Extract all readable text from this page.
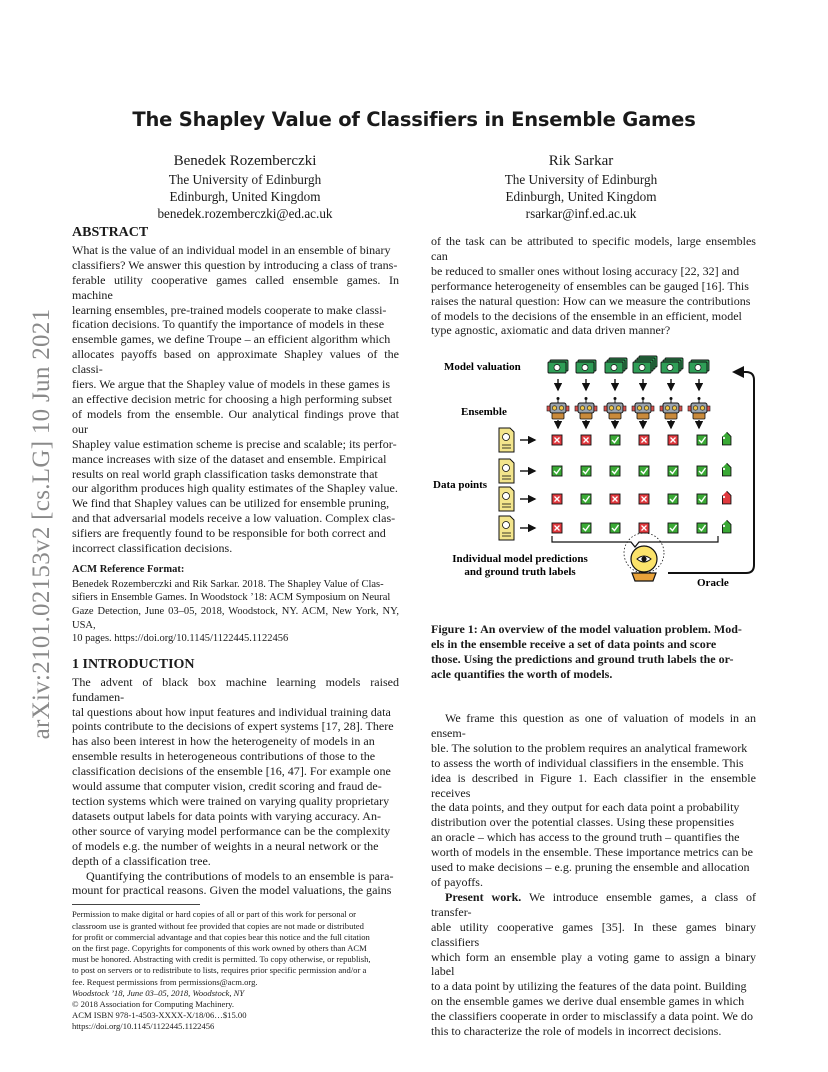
The Shapley Value of Classifiers in Ensemble Games
Benedek Rozemberczki
The University of Edinburgh
Edinburgh, United Kingdom
benedek.rozemberczki@ed.ac.uk
Rik Sarkar
The University of Edinburgh
Edinburgh, United Kingdom
rsarkar@inf.ed.ac.uk
arXiv:2101.02153v2 [cs.LG] 10 Jun 2021
ABSTRACT

What is the value of an individual model in an ensemble of binary

classifiers? We answer this question by introducing a class of trans-

ferable utility cooperative games called ensemble games. In machine

learning ensembles, pre-trained models cooperate to make classi-

fication decisions. To quantify the importance of models in these

ensemble games, we define Troupe – an efficient algorithm which

allocates payoffs based on approximate Shapley values of the classi-

fiers. We argue that the Shapley value of models in these games is

an effective decision metric for choosing a high performing subset

of models from the ensemble. Our analytical findings prove that our

Shapley value estimation scheme is precise and scalable; its perfor-

mance increases with size of the dataset and ensemble. Empirical

results on real world graph classification tasks demonstrate that

our algorithm produces high quality estimates of the Shapley value.

We find that Shapley values can be utilized for ensemble pruning,

and that adversarial models receive a low valuation. Complex clas-

sifiers are frequently found to be responsible for both correct and

incorrect classification decisions.

ACM Reference Format:
Benedek Rozemberczki and Rik Sarkar. 2018. The Shapley Value of Clas-
sifiers in Ensemble Games. In Woodstock ’18: ACM Symposium on Neural
Gaze Detection, June 03–05, 2018, Woodstock, NY. ACM, New York, NY, USA,
10 pages. https://doi.org/10.1145/1122445.1122456
1 INTRODUCTION

The advent of black box machine learning models raised fundamen-

tal questions about how input features and individual training data

points contribute to the decisions of expert systems [17, 28]. There

has also been interest in how the heterogeneity of models in an

ensemble results in heterogeneous contributions of those to the

classification decisions of the ensemble [16, 47]. For example one

would assume that computer vision, credit scoring and fraud de-

tection systems which were trained on varying quality proprietary

datasets output labels for data points with varying accuracy. An-

other source of varying model performance can be the complexity

of models e.g. the number of weights in a neural network or the

depth of a classification tree.

Quantifying the contributions of models to an ensemble is para-

mount for practical reasons. Given the model valuations, the gains

Permission to make digital or hard copies of all or part of this work for personal or
classroom use is granted without fee provided that copies are not made or distributed
for profit or commercial advantage and that copies bear this notice and the full citation
on the first page. Copyrights for components of this work owned by others than ACM
must be honored. Abstracting with credit is permitted. To copy otherwise, or republish,
to post on servers or to redistribute to lists, requires prior specific permission and/or a
fee. Request permissions from permissions@acm.org.
Woodstock ’18, June 03–05, 2018, Woodstock, NY
© 2018 Association for Computing Machinery.
ACM ISBN 978-1-4503-XXXX-X/18/06…$15.00
https://doi.org/10.1145/1122445.1122456

of the task can be attributed to specific models, large ensembles can

be reduced to smaller ones without losing accuracy [22, 32] and

performance heterogeneity of ensembles can be gauged [16]. This

raises the natural question: How can we measure the contributions

of models to the decisions of the ensemble in an efficient, model

type agnostic, axiomatic and data driven manner?

Model valuation
Ensemble
Data points
Individual model predictions
and ground truth labels
Oracle
Figure 1: An overview of the model valuation problem. Mod-
els in the ensemble receive a set of data points and score
those. Using the predictions and ground truth labels the or-
acle quantifies the worth of models.

We frame this question as one of valuation of models in an ensem-

ble. The solution to the problem requires an analytical framework

to assess the worth of individual classifiers in the ensemble. This

idea is described in Figure 1. Each classifier in the ensemble receives

the data points, and they output for each data point a probability

distribution over the potential classes. Using these propensities

an oracle – which has access to the ground truth – quantifies the

worth of models in the ensemble. These importance metrics can be

used to make decisions – e.g. pruning the ensemble and allocation

of payoffs.

Present work. We introduce ensemble games, a class of transfer-

able utility cooperative games [35]. In these games binary classifiers

which form an ensemble play a voting game to assign a binary label

to a data point by utilizing the features of the data point. Building

on the ensemble games we derive dual ensemble games in which

the classifiers cooperate in order to misclassify a data point. We do

this to characterize the role of models in incorrect decisions.
